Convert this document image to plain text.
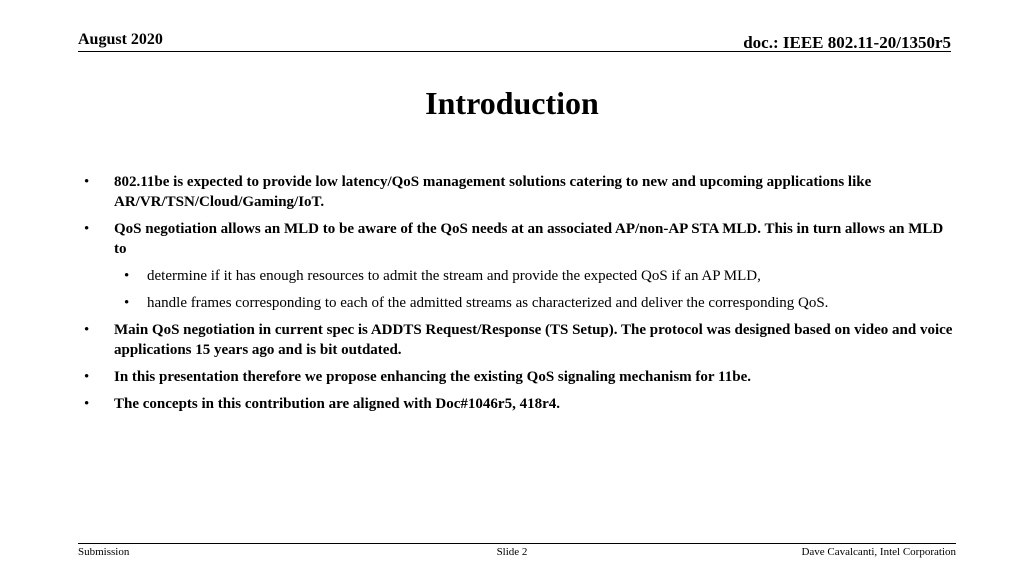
August 2020	doc.: IEEE 802.11-20/1350r5
Introduction
• 802.11be is expected to provide low latency/QoS management solutions catering to new and upcoming applications like AR/VR/TSN/Cloud/Gaming/IoT.
• QoS negotiation allows an MLD to be aware of the QoS needs at an associated AP/non-AP STA MLD. This in turn allows an MLD to
• determine if it has enough resources to admit the stream and provide the expected QoS if an AP MLD,
• handle frames corresponding to each of the admitted streams as characterized and deliver the corresponding QoS.
• Main QoS negotiation in current spec is ADDTS Request/Response (TS Setup). The protocol was designed based on video and voice applications 15 years ago and is bit outdated.
• In this presentation therefore we propose enhancing the existing QoS signaling mechanism for 11be.
• The concepts in this contribution are aligned with Doc#1046r5, 418r4.
Submission	Slide 2	Dave Cavalcanti, Intel Corporation
